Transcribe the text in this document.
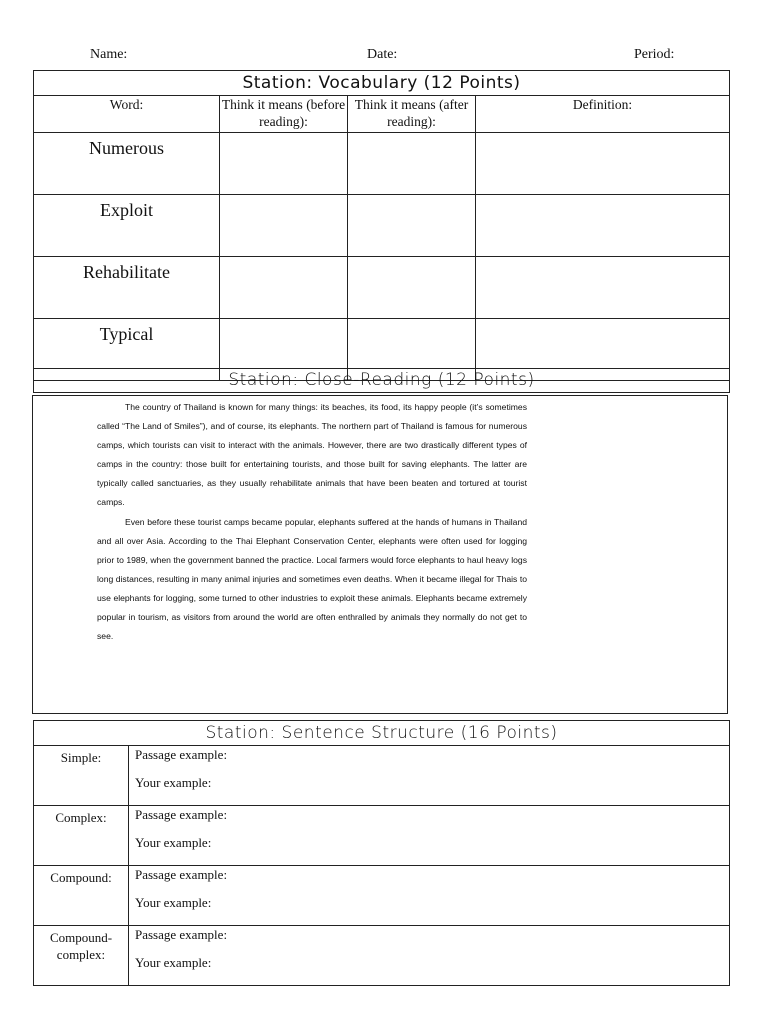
Name:	Date:	Period:
Station: Vocabulary (12 Points)			
Word:	Think it means (before reading):	Think it means (after reading):	Definition:
Numerous			
Exploit			
Rehabilitate			
Typical			
Station: Close-Reading (12 Points)

The country of Thailand is known for many things: its beaches, its food, its happy people (it’s sometimes called “The Land of Smiles”), and of course, its elephants. The northern part of Thailand is famous for numerous camps, which tourists can visit to interact with the animals. However, there are two drastically different types of camps in the country: those built for entertaining tourists, and those built for saving elephants. The latter are typically called sanctuaries, as they usually rehabilitate animals that have been beaten and tortured at tourist camps.

Even before these tourist camps became popular, elephants suffered at the hands of humans in Thailand and all over Asia. According to the Thai Elephant Conservation Center, elephants were often used for logging prior to 1989, when the government banned the practice. Local farmers would force elephants to haul heavy logs long distances, resulting in many animal injuries and sometimes even deaths. When it became illegal for Thais to use elephants for logging, some turned to other industries to exploit these animals. Elephants became extremely popular in tourism, as visitors from around the world are often enthralled by animals they normally do not get to see.

Station: Sentence Structure (16 Points)	
Simple:	Passage example:
Your example:

Complex:	Passage example:
Your example:

Compound:	Passage example:
Your example:

Compound-complex:	Passage example:
Your example:
